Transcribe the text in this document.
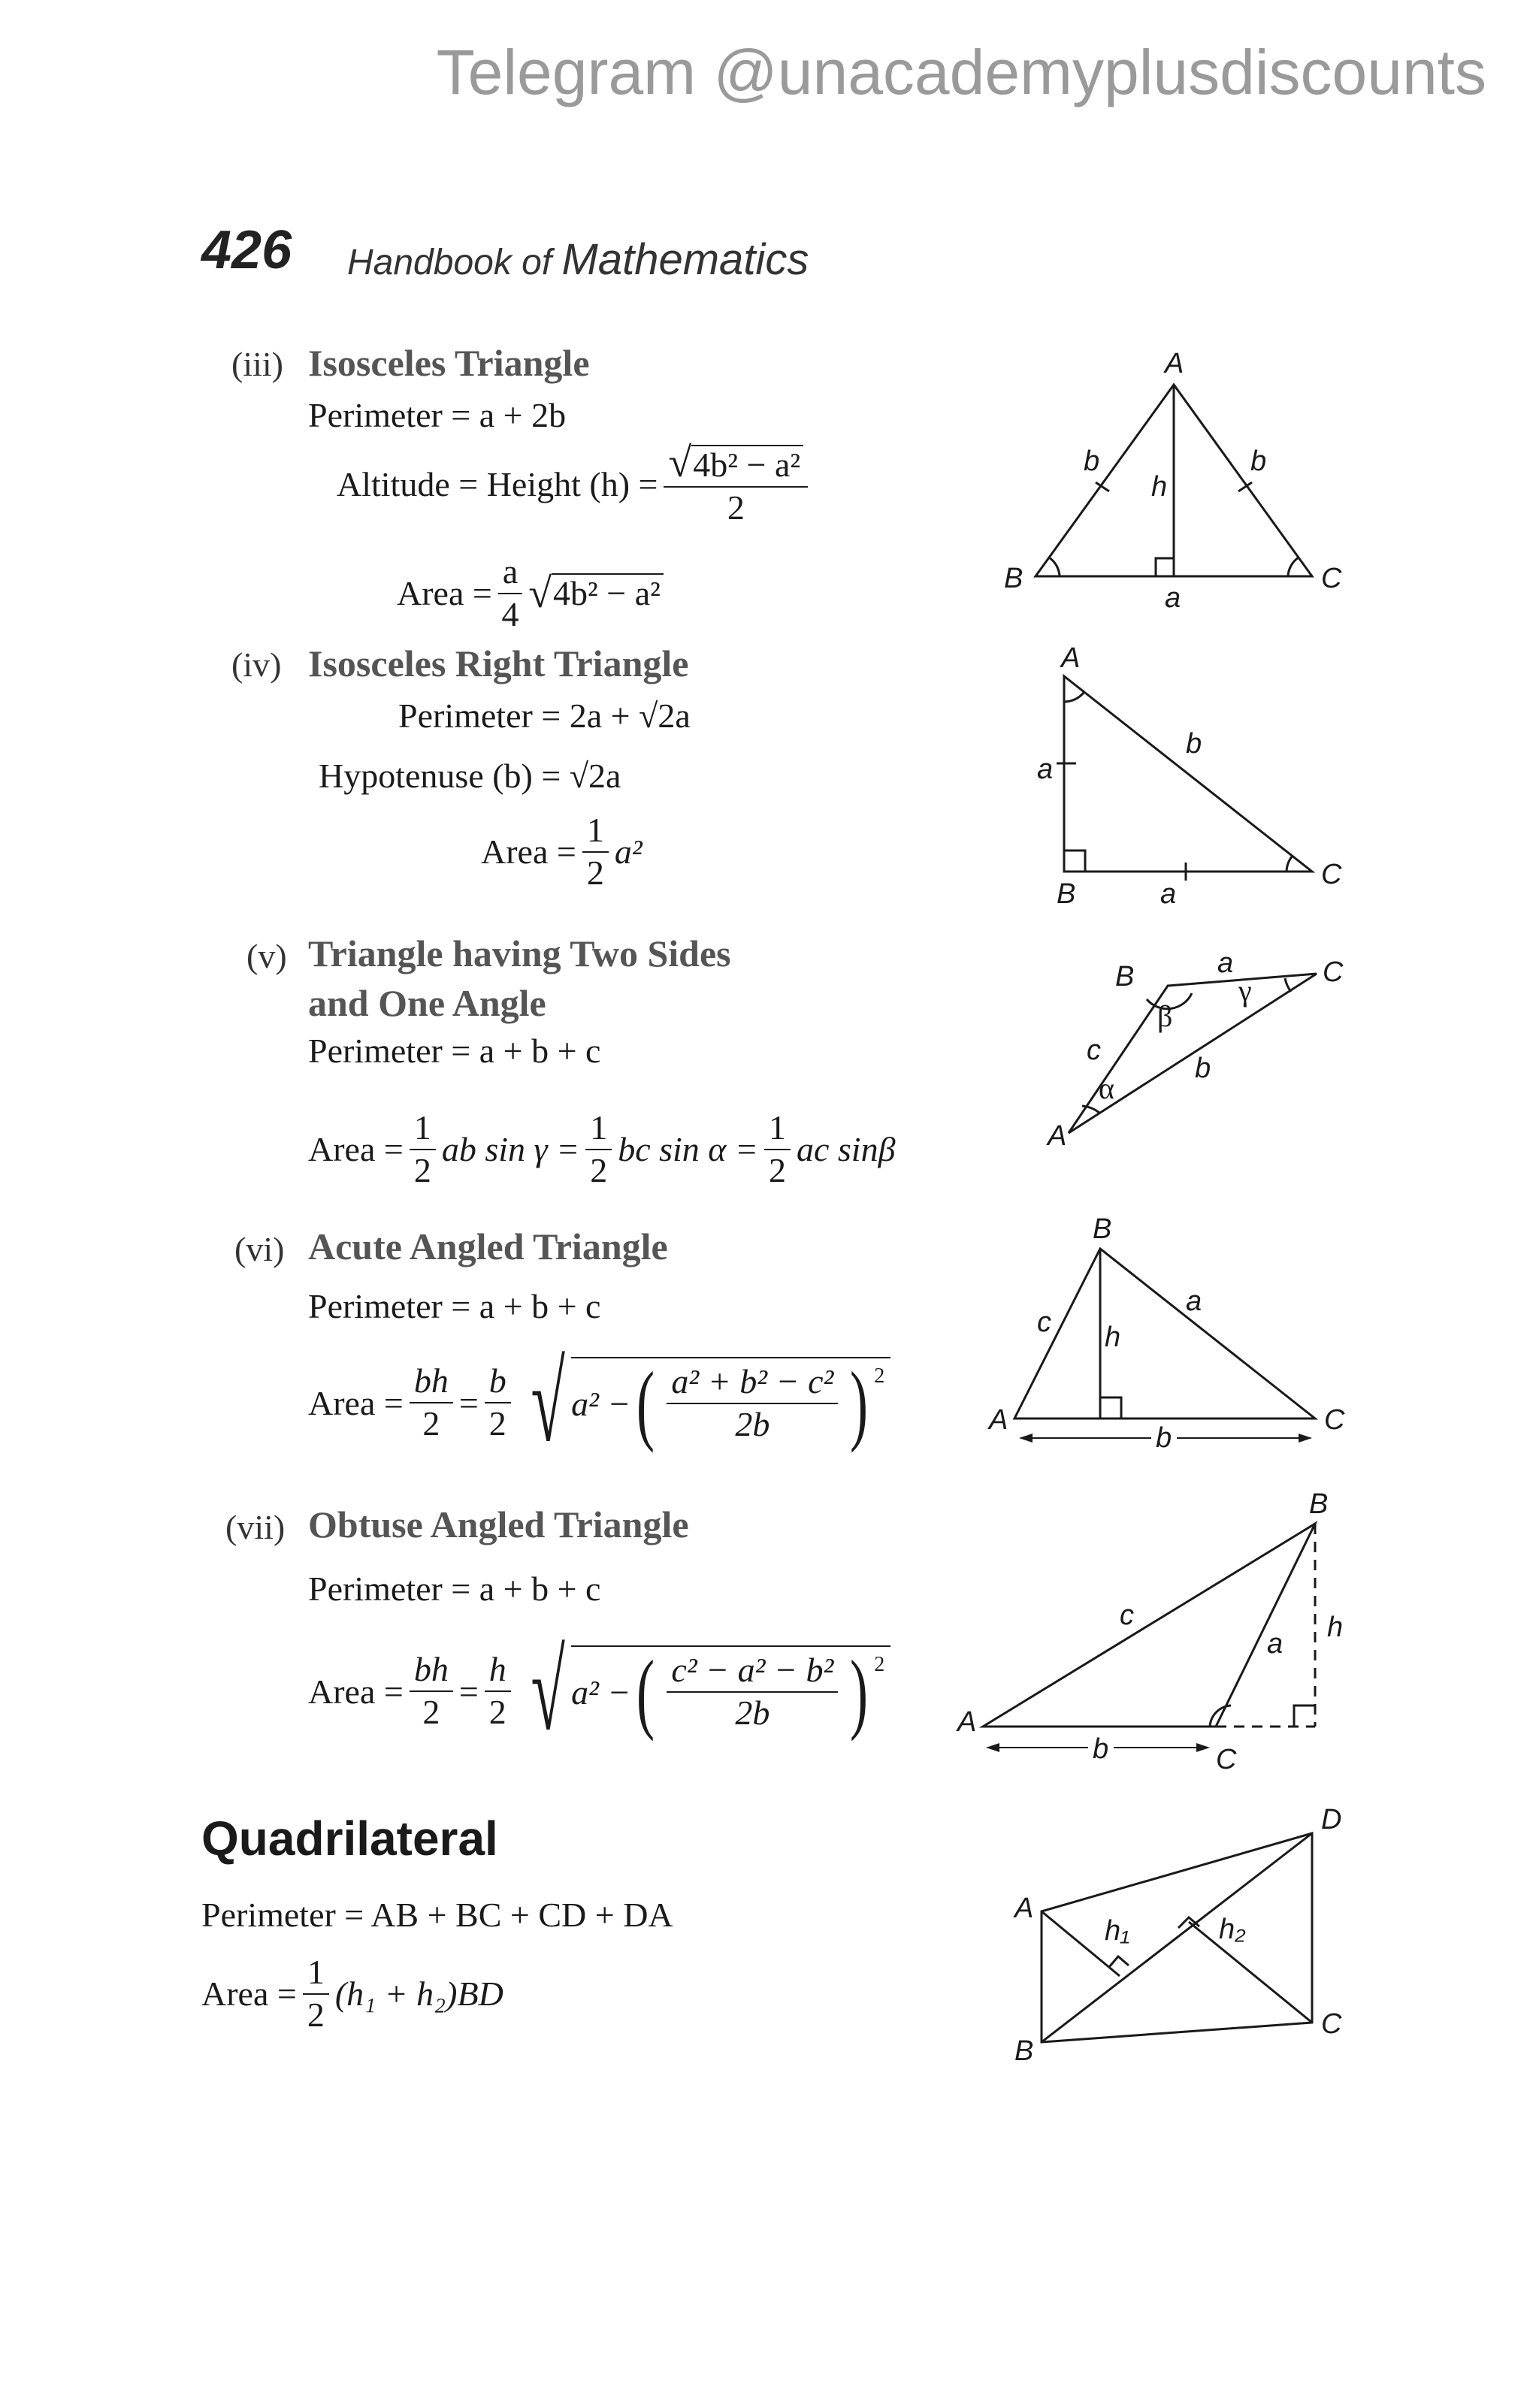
Telegram @unacademyplusdiscounts
426 Handbook of Mathematics
(iii) Isosceles Triangle
Perimeter = a + 2b
Altitude = Height $(h) = \frac{\text{√4b² − a²}}{2}$
Area = $\frac{a}{4}$ √ 4b² − a²
A
B	C
b	b
h
a
(iv) Isosceles Right Triangle
Perimeter = 2a + √2a
Hypotenuse (b) = √2a
Area = $\frac{1}{2} a^2$
A
B
C
a
a
b
(v) Triangle having Two Sides
and One Angle
Perimeter = a + b + c
Area = $\frac{1}{2}$ ab $\sin \gamma = \frac{1}{2}$ bc $\sin \alpha = \frac{1}{2}$ ac sinβ
B	C
A
a
b
c
β
γ
α
(vi) Acute Angled Triangle
Perimeter = a + b + c
Area = $\frac{bh}{2} = \frac{b}{2}$ √ a² − ( $\frac{\text{a² + b² − c²}}{2b}$ ) $^2$
B
A	C
c
a
h
b
(vii) Obtuse Angled Triangle
Perimeter = a + b + c
Area = $\frac{bh}{2} = \frac{h}{2}$ √ a² − ( $\frac{\text{c² − a² − b²}}{2b}$ ) $^2$
B
A
C
c
a
h
b
Quadrilateral
Perimeter = AB + BC + CD + DA
Area = $\frac{1}{2} (h_1 + h_2)BD$
A
B
C
D
h₁	h₂
